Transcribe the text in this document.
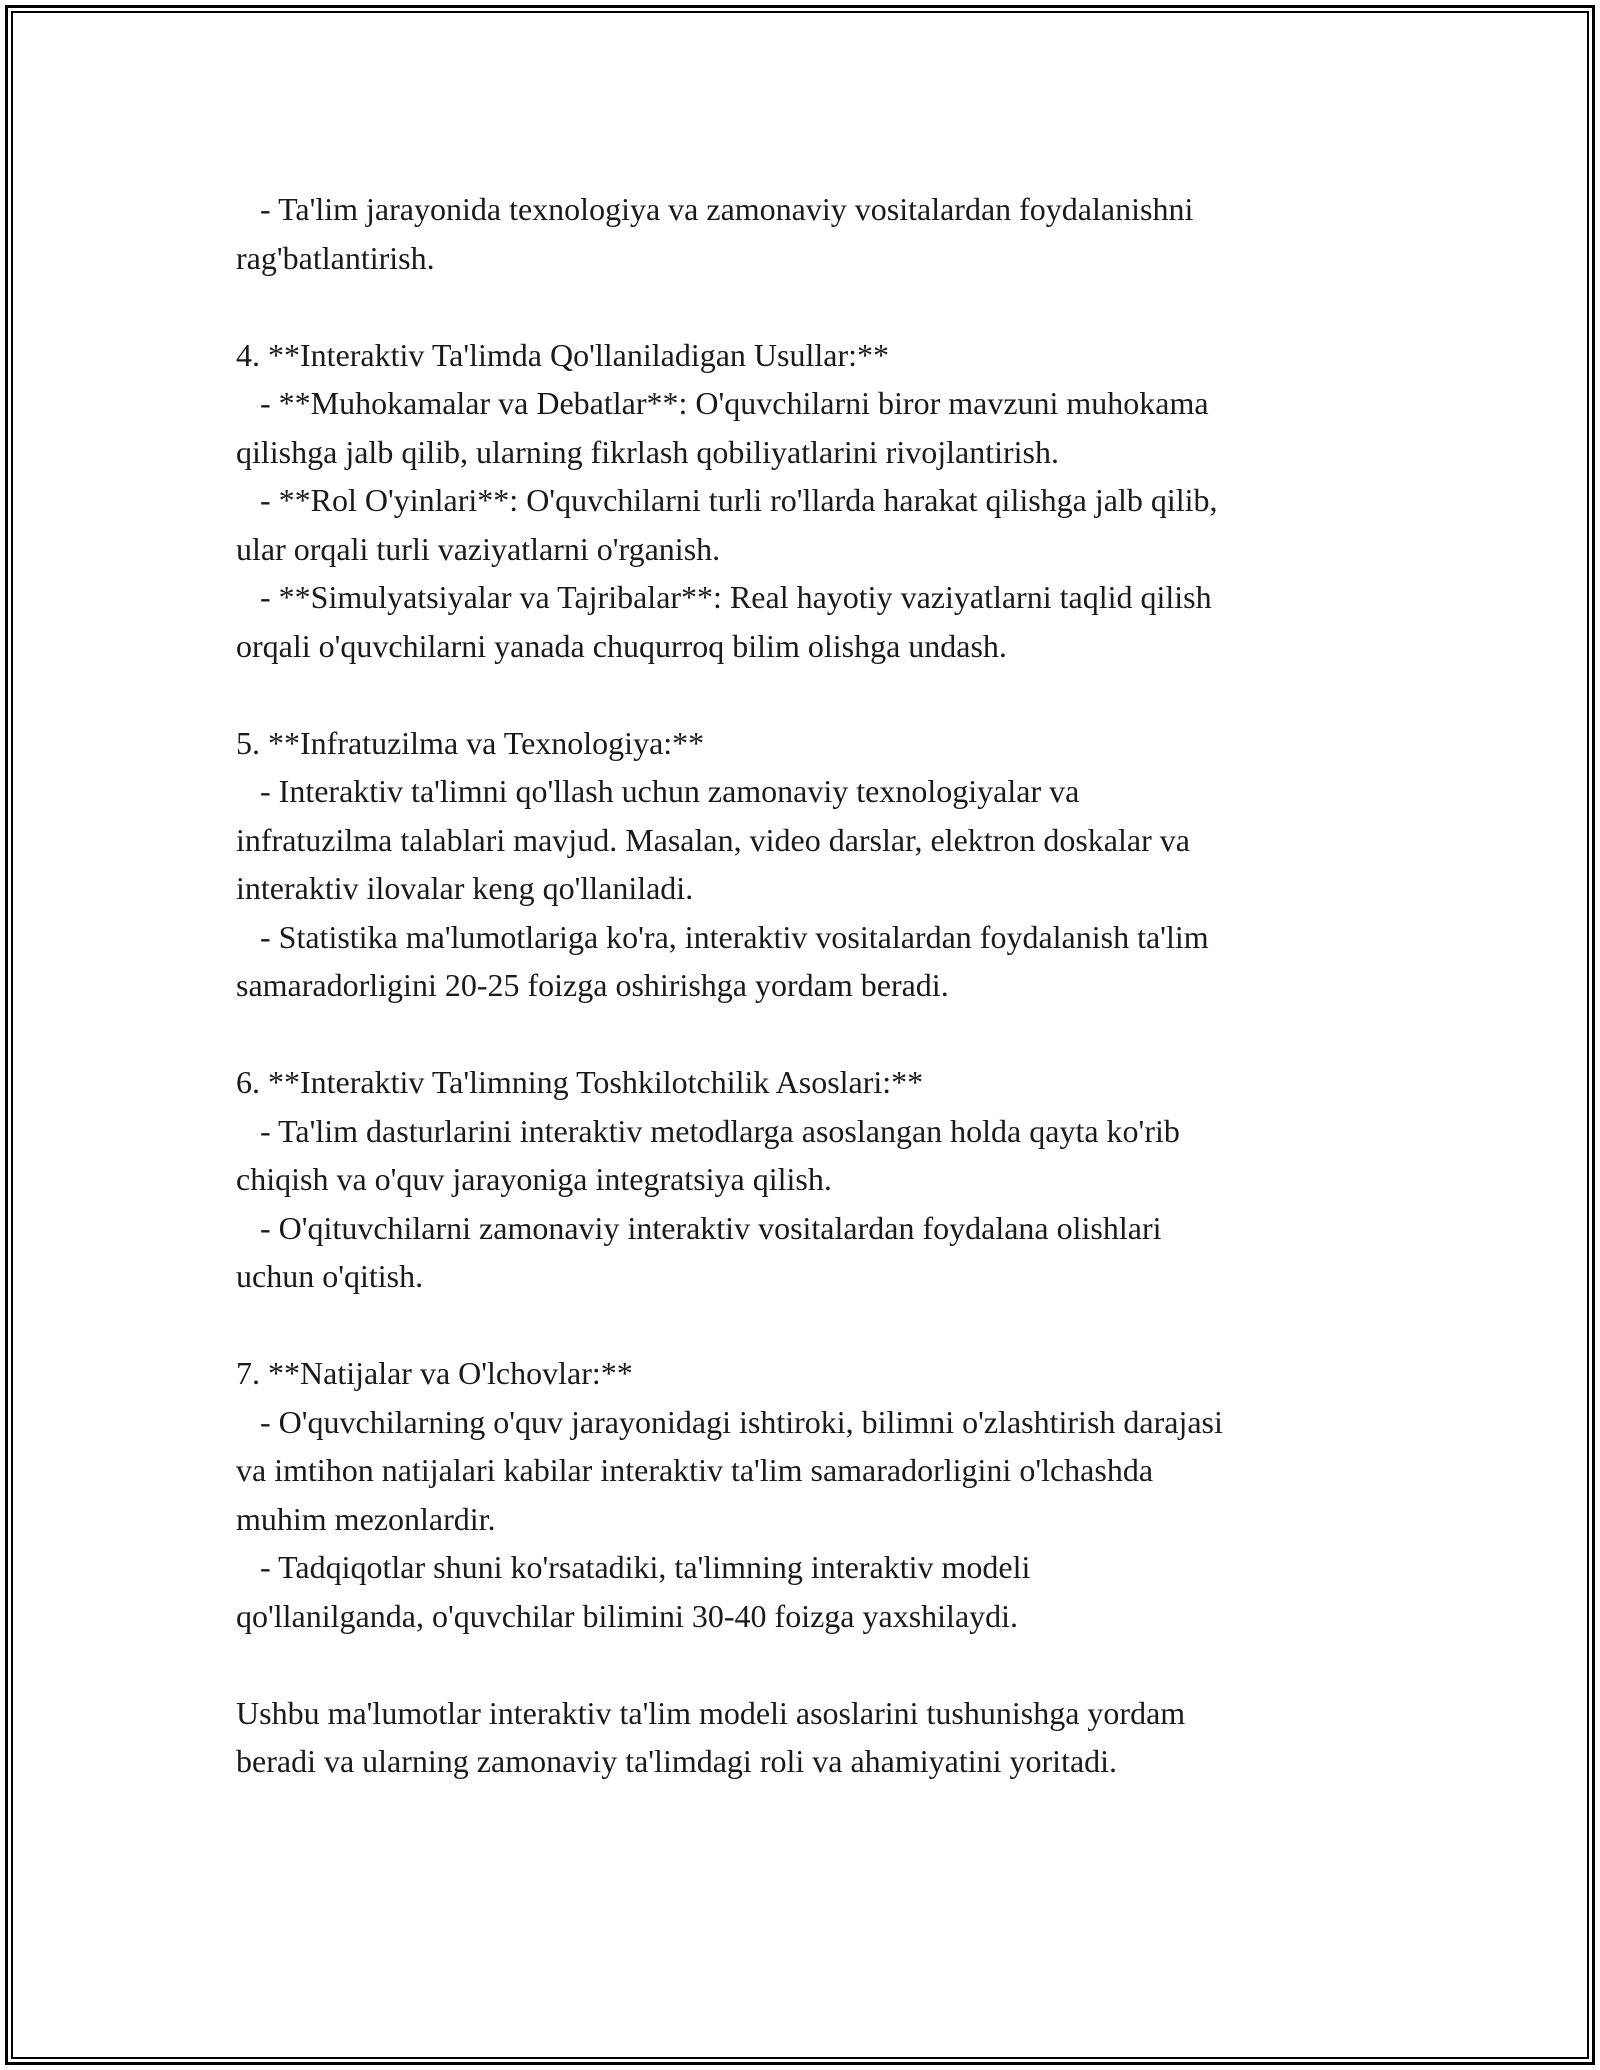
- Ta'lim jarayonida texnologiya va zamonaviy vositalardan foydalanishni

rag'batlantirish.

4. **Interaktiv Ta'limda Qo'llaniladigan Usullar:**

- **Muhokamalar va Debatlar**: O'quvchilarni biror mavzuni muhokama

qilishga jalb qilib, ularning fikrlash qobiliyatlarini rivojlantirish.

- **Rol O'yinlari**: O'quvchilarni turli ro'llarda harakat qilishga jalb qilib,

ular orqali turli vaziyatlarni o'rganish.

- **Simulyatsiyalar va Tajribalar**: Real hayotiy vaziyatlarni taqlid qilish

orqali o'quvchilarni yanada chuqurroq bilim olishga undash.

5. **Infratuzilma va Texnologiya:**

- Interaktiv ta'limni qo'llash uchun zamonaviy texnologiyalar va

infratuzilma talablari mavjud. Masalan, video darslar, elektron doskalar va

interaktiv ilovalar keng qo'llaniladi.

- Statistika ma'lumotlariga ko'ra, interaktiv vositalardan foydalanish ta'lim

samaradorligini 20-25 foizga oshirishga yordam beradi.

6. **Interaktiv Ta'limning Toshkilotchilik Asoslari:**

- Ta'lim dasturlarini interaktiv metodlarga asoslangan holda qayta ko'rib

chiqish va o'quv jarayoniga integratsiya qilish.

- O'qituvchilarni zamonaviy interaktiv vositalardan foydalana olishlari

uchun o'qitish.

7. **Natijalar va O'lchovlar:**

- O'quvchilarning o'quv jarayonidagi ishtiroki, bilimni o'zlashtirish darajasi

va imtihon natijalari kabilar interaktiv ta'lim samaradorligini o'lchashda

muhim mezonlardir.

- Tadqiqotlar shuni ko'rsatadiki, ta'limning interaktiv modeli

qo'llanilganda, o'quvchilar bilimini 30-40 foizga yaxshilaydi.

Ushbu ma'lumotlar interaktiv ta'lim modeli asoslarini tushunishga yordam

beradi va ularning zamonaviy ta'limdagi roli va ahamiyatini yoritadi.
